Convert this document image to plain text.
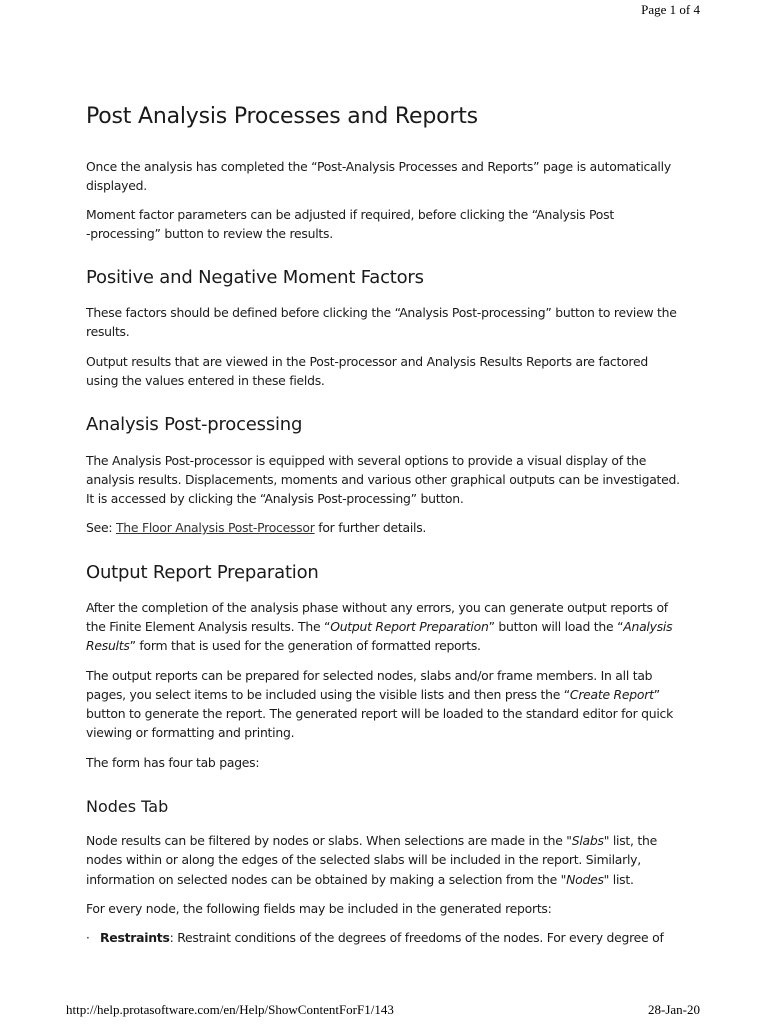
Page 1 of 4
Post Analysis Processes and Reports

Once the analysis has completed the “Post-Analysis Processes and Reports” page is automatically

displayed.

Moment factor parameters can be adjusted if required, before clicking the “Analysis Post

-processing” button to review the results.

Positive and Negative Moment Factors

These factors should be defined before clicking the “Analysis Post-processing” button to review the

results.

Output results that are viewed in the Post-processor and Analysis Results Reports are factored

using the values entered in these fields.

Analysis Post-processing

The Analysis Post-processor is equipped with several options to provide a visual display of the

analysis results. Displacements, moments and various other graphical outputs can be investigated.

It is accessed by clicking the “Analysis Post-processing” button.

See: The Floor Analysis Post-Processor for further details.

Output Report Preparation

After the completion of the analysis phase without any errors, you can generate output reports of

the Finite Element Analysis results. The “Output Report Preparation” button will load the “Analysis

Results” form that is used for the generation of formatted reports.

The output reports can be prepared for selected nodes, slabs and/or frame members. In all tab

pages, you select items to be included using the visible lists and then press the “Create Report”

button to generate the report. The generated report will be loaded to the standard editor for quick

viewing or formatting and printing.

The form has four tab pages:

Nodes Tab

Node results can be filtered by nodes or slabs. When selections are made in the "Slabs" list, the

nodes within or along the edges of the selected slabs will be included in the report. Similarly,

information on selected nodes can be obtained by making a selection from the "Nodes" list.

For every node, the following fields may be included in the generated reports:

· Restraints: Restraint conditions of the degrees of freedoms of the nodes. For every degree of

http://help.protasoftware.com/en/Help/ShowContentForF1/143	28-Jan-20
